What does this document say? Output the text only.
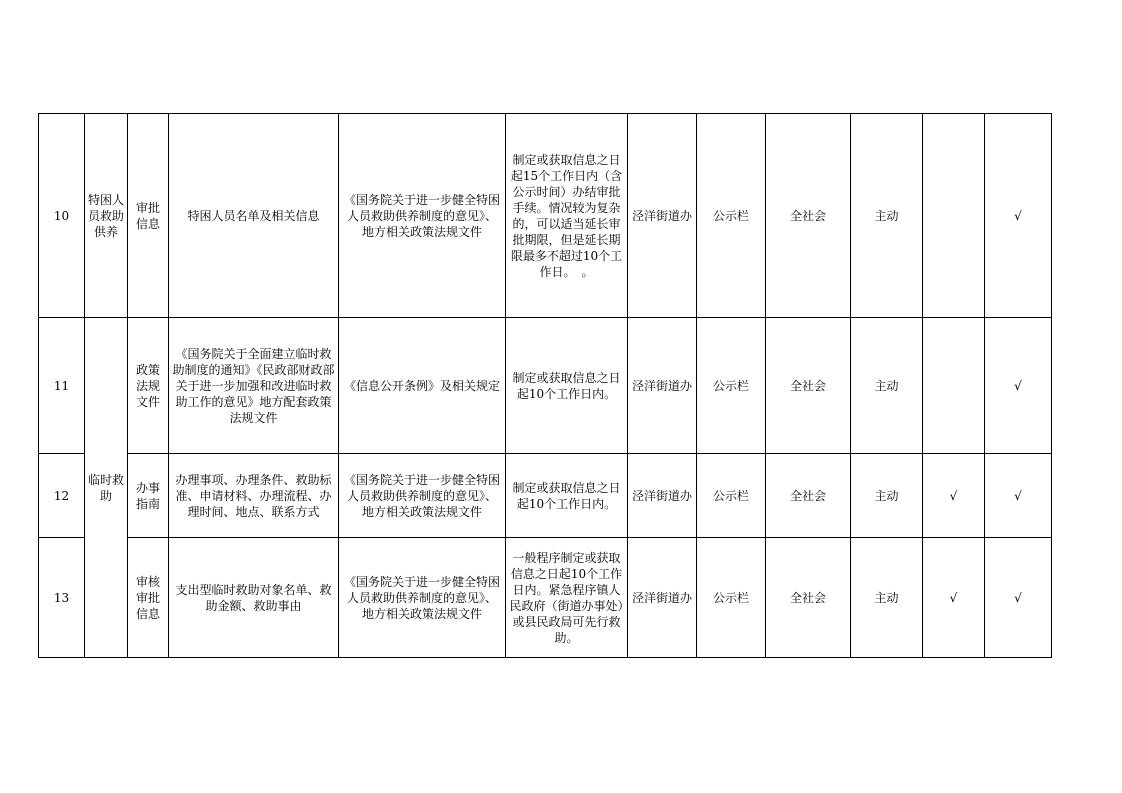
10	特困人员救助供养	审批信息	特困人员名单及相关信息	《国务院关于进一步健全特困人员救助供养制度的意见》、地方相关政策法规文件	制定或获取信息之日起15个工作日内（含公示时间）办结审批手续。情况较为复杂的，可以适当延长审批期限，但是延长期限最多不超过10个工作日。　。	泾洋街道办	公示栏	全社会	主动		√
11	临时救助	政策法规文件	《国务院关于全面建立临时救助制度的通知》《民政部财政部关于进一步加强和改进临时救助工作的意见》地方配套政策法规文件	《信息公开条例》及相关规定	制定或获取信息之日起10个工作日内。	泾洋街道办	公示栏	全社会	主动		√
12		办事指南	办理事项、办理条件、救助标准、申请材料、办理流程、办理时间、地点、联系方式	《国务院关于进一步健全特困人员救助供养制度的意见》、地方相关政策法规文件	制定或获取信息之日起10个工作日内。	泾洋街道办	公示栏	全社会	主动	√	√
13		审核审批信息	支出型临时救助对象名单、救助金额、救助事由	《国务院关于进一步健全特困人员救助供养制度的意见》、地方相关政策法规文件	一般程序制定或获取信息之日起10个工作日内。紧急程序镇人民政府（街道办事处）或县民政局可先行救助。	泾洋街道办	公示栏	全社会	主动	√	√
